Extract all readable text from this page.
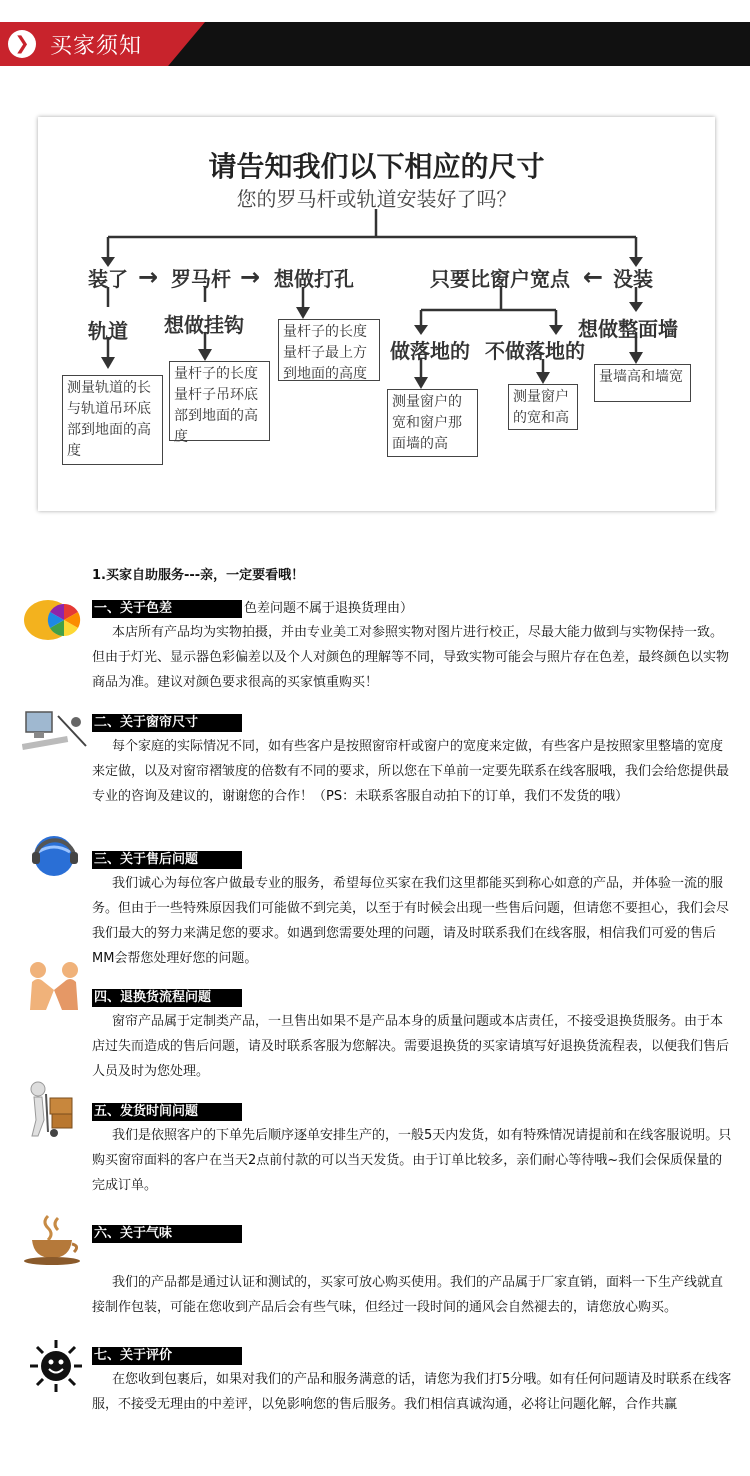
❯ 买家须知
请告知我们以下相应的尺寸
您的罗马杆或轨道安装好了吗？
装了 → 罗马杆 → 想做打孔	只要比窗户宽点 ← 没装
轨道 想做挂钩	想做整面墙
做落地的 不做落地的
测量轨道的长与轨道吊环底部到地面的高度
量杆子的长度量杆子吊环底部到地面的高度
量杆子的长度量杆子最上方到地面的高度
测量窗户的宽和窗户那面墙的高
测量窗户的宽和高
量墙高和墙宽
1.买家自助服务---亲，一定要看哦！
一、关于色差	色差问题不属于退换货理由）
本店所有产品均为实物拍摄，并由专业美工对参照实物对图片进行校正，尽最大能力做到与实物保持一致。但由于灯光、显示器色彩偏差以及个人对颜色的理解等不同，导致实物可能会与照片存在色差，最终颜色以实物商品为准。建议对颜色要求很高的买家慎重购买！
二、关于窗帘尺寸
每个家庭的实际情况不同，如有些客户是按照窗帘杆或窗户的宽度来定做，有些客户是按照家里整墙的宽度来定做，以及对窗帘褶皱度的倍数有不同的要求，所以您在下单前一定要先联系在线客服哦，我们会给您提供最专业的咨询及建议的，谢谢您的合作！（PS：未联系客服自动拍下的订单，我们不发货的哦）
三、关于售后问题
我们诚心为每位客户做最专业的服务，希望每位买家在我们这里都能买到称心如意的产品，并体验一流的服务。但由于一些特殊原因我们可能做不到完美，以至于有时候会出现一些售后问题，但请您不要担心，我们会尽我们最大的努力来满足您的要求。如遇到您需要处理的问题，请及时联系我们在线客服，相信我们可爱的售后MM会帮您处理好您的问题。
四、退换货流程问题
窗帘产品属于定制类产品，一旦售出如果不是产品本身的质量问题或本店责任，不接受退换货服务。由于本店过失而造成的售后问题，请及时联系客服为您解决。需要退换货的买家请填写好退换货流程表，以便我们售后人员及时为您处理。
五、发货时间问题
我们是依照客户的下单先后顺序逐单安排生产的，一般5天内发货，如有特殊情况请提前和在线客服说明。只购买窗帘面料的客户在当天2点前付款的可以当天发货。由于订单比较多，亲们耐心等待哦~我们会保质保量的完成订单。
六、关于气味
我们的产品都是通过认证和测试的，买家可放心购买使用。我们的产品属于厂家直销，面料一下生产线就直接制作包装，可能在您收到产品后会有些气味，但经过一段时间的通风会自然褪去的，请您放心购买。
七、关于评价
在您收到包裹后，如果对我们的产品和服务满意的话，请您为我们打5分哦。如有任何问题请及时联系在线客服，不接受无理由的中差评，以免影响您的售后服务。我们相信真诚沟通，必将让问题化解，合作共赢
